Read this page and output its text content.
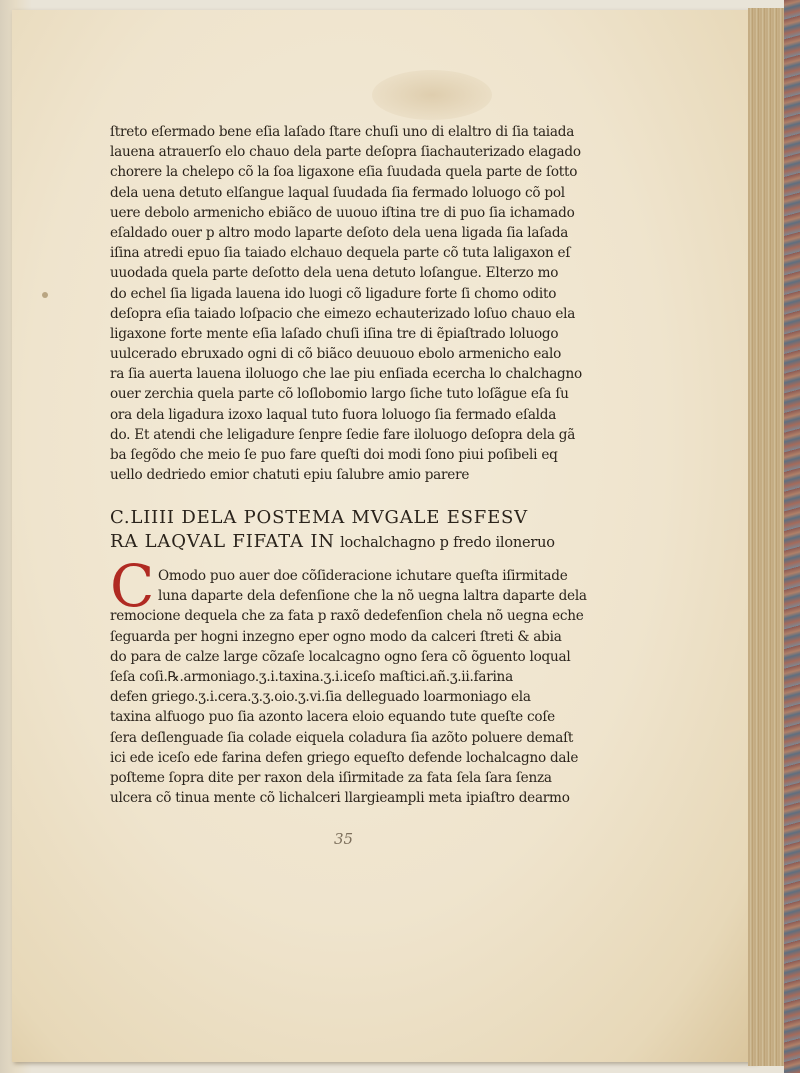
ſtreto eſermado bene eſia laſado ſtare chuſi uno di elaltro di ſia taiada
lauena atrauerſo elo chauo dela parte deſopra ſiachauterizado elagado
chorere la chelepo cõ la ſoa ligaxone eſia ſuudada quela parte de ſotto
dela uena detuto elſangue laqual ſuudada ſia fermado loluogo cõ pol
uere debolo armenicho ebiãco de uuouo iſtina tre di puo ſia ichamado
eſaldado ouer p altro modo laparte deſoto dela uena ligada ſia laſada
iſina atredi epuo ſia taiado elchauo dequela parte cõ tuta laligaxon eſ
uuodada quela parte deſotto dela uena detuto loſangue. Elterzo mo
do echel ſia ligada lauena ido luogi cõ ligadure forte ſi chomo odito
deſopra eſia taiado loſpacio che eimezo echauterizado loſuo chauo ela
ligaxone forte mente eſia laſado chuſi iſina tre di ẽpiaſtrado loluogo
uulcerado ebruxado ogni di cõ biãco deuuouo ebolo armenicho ealo
ra ſia auerta lauena iloluogo che lae piu enſiada ecercha lo chalchagno
ouer zerchia quela parte cõ loſlobomio largo ſiche tuto loſãgue eſa ſu
ora dela ligadura izoxo laqual tuto fuora loluogo ſia fermado eſalda
do. Et atendi che leligadure ſenpre ſedie fare iloluogo deſopra dela gã
ba ſegõdo che meio ſe puo fare queſti doi modi ſono piui poſibeli eq
uello dedriedo emior chatuti epiu ſalubre amio parere
C.LIIII DELA POSTEMA MVGALE ESFESV
RA LAQVAL FIFATA IN lochalchagno p fredo iloneruo
C Omodo puo auer doe cõſideracione ichutare queſta iſirmitade
luna daparte dela defenſione che la nõ uegna laltra daparte dela
remocione dequela che za fata p raxõ dedefenſion chela nõ uegna eche
ſeguarda per hogni inzegno eper ogno modo da calceri ſtreti & abia
do para de calze large cõzaſe localcagno ogno ſera cõ õguento loqual
ſeſa coſi.℞.armoniago.ʒ.i.taxina.ʒ.i.iceſo maſtici.añ.ʒ.ii.farina
defen griego.ʒ.i.cera.ʒ.ʒ.oio.ʒ.vi.ſia delleguado loarmoniago ela
taxina alfuogo puo ſia azonto lacera eloio equando tute queſte coſe
ſera deſlenguade ſia colade eiquela coladura ſia azõto poluere demaſt
ici ede iceſo ede farina defen griego equeſto defende lochalcagno dale
poſteme ſopra dite per raxon dela iſirmitade za fata ſela ſara ſenza
ulcera cõ tinua mente cõ lichalceri llargieampli meta ipiaſtro dearmo
35
